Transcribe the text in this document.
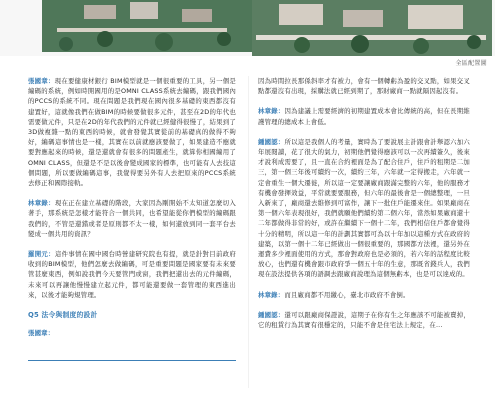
全區配置圖

張國章：現在要健康材銀行 BIM模型就是一個很重要的工具，另一個是編碼的系統，例如時開國用的是OMNI CLASS系統去編碼，跟我們國內的PCCS的系統不同。現在問題是我們現在國內很多基礎的東西都沒有建置好，這就像我們在做BIM的時候要做很多元件，甚至在2D的年代也需要做元件，只是在2D的年代我們的元件就已經健得很慢了，結果到了3D做複雜一點的東西的時候，就會發覺其實從前的基礎真的做得不夠好，編碼這事情也是一樣，其實在以前就應該要做了，如果建造不應就要對應起來的時候，還是還就會有很多的問題產生，就算你相國編用了OMNI CLASS，但還是不是以後會變成國家的標準，也可能有人去技這個問題，所以要做編碼這事，我覺得要另外有人去把原來的PCCS系統去修正和國際接軌。

林章錄：現在正在建立基礎的階段，大家因為剛開始不太知道怎麼切入著手，那系統是怎樣才能符合一個共同，也希望能從你們模型的編碼跟我們的，不管是還錯或者是原則都不太一樣，如何還放到同一套平台去變成一個共用的資訊？

羅開元：這件事情在國中國台時營建研究院也有提，就是針對目前政府收到的BIM模型，他們怎麼去做編碼，可是重要問題是國家要有未來要管甚麼東西，例如說我們今天要管門或窗，我們把還出去的元件編碼，未來可以再讓他慢慢建立起元件，都可能還要做一套管理的東西進出來，以後才能夠規管理。

Q5 法令與制度的設計

張國章：

因為時間拉長那係斜率才有被力，會有一個轉虧為盈的交叉點，如果交叉點都還沒有出現，採購法就已經到期了，那財廠商一點就隔因起沒有。

林章錄：因為建議上需要經濟的初期建置成本會比傳統的高，但在長期維護管理的總成本上會低。

鍾國認：所以這是我個人的考量，實時為了要說展主計跟會計舉認六加六年展閱讀，花了很大的氣力，初期他們覺得應該可以一次再續簽久，後來才說利成需要了，且一直在合約裡面是為了配合住戶，住戶的租期是二加三，第一個三年後可續約一次，續約三年，六年就一定得搬走，六年就一定會重生一個大遷徙，所以這一定要讓廠商跟滿完整的六年，他的服務才有機會發揮效益，平常就要要服務，但六年的最後會是一個總整理，一旦入新來了，廠商還去維修到可富作，讓下一批住戶能遷來住。如果廠商在第一個六年表現很好，我們就願他們續約第二個六年，當然如果廠商還十二年都做得非常的好，或許在繼續下一個十二年，我們相信住戶都會覺得十分的精明，所以這一年的計劃其實都可為以十年加以這種方式在政府的建築，以第一個十二年已經做出一個很重要的，那國都方法裡，還另外在運費多少裡面使用的方式，那會對政府也是必須的，若六年的話程度比較放心，也們還有機會跟市政府爭一個五十年的生意，那既省錢兵人，我們現在設法提供各項的語調去跟廠商說理為這個無虧本，也是可以達成的。

林章錄：而且廠商都不用繳心，臺北市政府不會倒。

鍾國認：還可以跟廠商保證說，這期子在你有生之年應該不可能被賣掉，它的租賃行為其實有很穩定的，只能不會是住宅法上規定，在...
